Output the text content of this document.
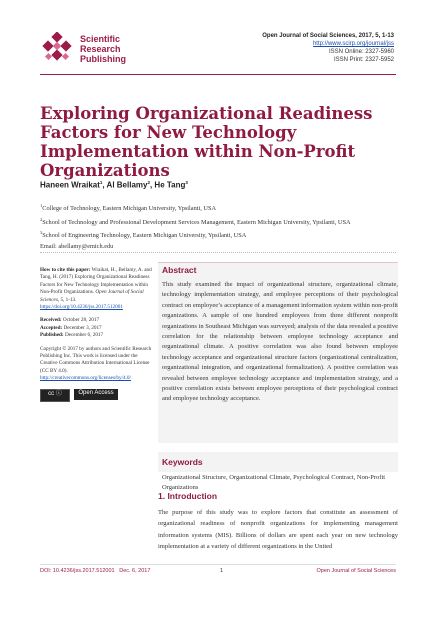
Scientific
Research
Publishing
Open Journal of Social Sciences, 2017, 5, 1-13
http://www.scirp.org/journal/jss
ISSN Online: 2327-5960
ISSN Print: 2327-5952
Exploring Organizational Readiness Factors for New Technology Implementation within Non-Profit Organizations
Haneen Wraikat$^1$, Al Bellamy$^2$, He Tang$^3$
$^1$College of Technology, Eastern Michigan University, Ypsilanti, USA
$^2$School of Technology and Professional Development Services Management, Eastern Michigan University, Ypsilanti, USA
$^3$School of Engineering Technology, Eastern Michigan University, Ypsilanti, USA
Email: abellamy@emich.edu

How to cite this paper: Wraikat, H., Bellamy, A. and Tang, H. (2017) Exploring Organizational Readiness Factors for New Technology Implementation within Non-Profit Organizations. Open Journal of Social Sciences, 5, 1-13.
https://doi.org/10.4236/jss.2017.512001

Received: October 28, 2017
Accepted: December 3, 2017
Published: December 6, 2017

Copyright © 2017 by authors and Scientific Research Publishing Inc. This work is licensed under the Creative Commons Attribution International License (CC BY 4.0).
http://creativecommons.org/licenses/by/4.0/

cc ⓘ	Open Access
Abstract
This study examined the impact of organizational structure, organizational climate, technology implementation strategy, and employee perceptions of their psychological contract on employee’s acceptance of a management information system within non-profit organizations. A sample of one hundred employees from three different nonprofit organizations in Southeast Michigan was surveyed; analysis of the data revealed a positive correlation for the relationship between employee technology acceptance and organizational climate. A positive correlation was also found between employee technology acceptance and organizational structure factors (organizational centralization, organizational integration, and organizational formalization). A positive correlation was revealed between employee technology acceptance and implementation strategy, and a positive correlation exists between employee perceptions of their psychological contract and employee technology acceptance.
Keywords
Organizational Structure, Organizational Climate, Psychological Contract, Non-Profit Organizations
1. Introduction
The purpose of this study was to explore factors that constitute an assessment of organizational readiness of nonprofit organizations for implementing management information systems (MIS). Billions of dollars are spent each year on new technology implementation at a variety of different organizations in the United
DOI: 10.4236/jss.2017.512001 Dec. 6, 2017	1	Open Journal of Social Sciences
